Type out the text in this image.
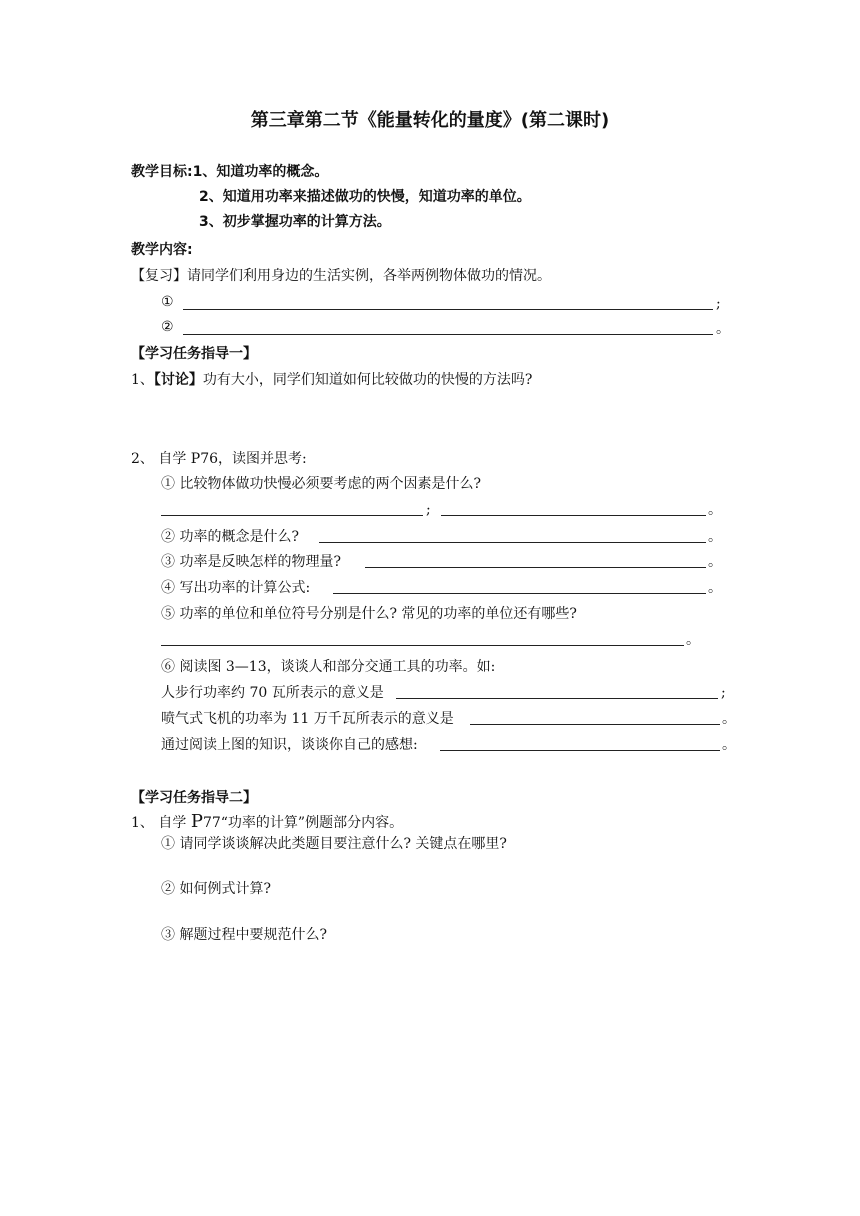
第三章第二节《能量转化的量度》(第二课时)
教学目标:1、知道功率的概念。
2、知道用功率来描述做功的快慢，知道功率的单位。
3、初步掌握功率的计算方法。
教学内容:
【复习】请同学们利用身边的生活实例，各举两例物体做功的情况。
①	;
②	。
【学习任务指导一】
1、【讨论】功有大小，同学们知道如何比较做功的快慢的方法吗?
2、 自学 P76，读图并思考:
① 比较物体做功快慢必须要考虑的两个因素是什么?
;	。
② 功率的概念是什么?	。
③ 功率是反映怎样的物理量?	。
④ 写出功率的计算公式:	。
⑤ 功率的单位和单位符号分别是什么? 常见的功率的单位还有哪些?
。
⑥ 阅读图 3—13，谈谈人和部分交通工具的功率。如:
人步行功率约 70 瓦所表示的意义是	;
喷气式飞机的功率为 11 万千瓦所表示的意义是	。
通过阅读上图的知识，谈谈你自己的感想:	。
【学习任务指导二】
1、 自学 P77“功率的计算”例题部分内容。
① 请同学谈谈解决此类题目要注意什么? 关键点在哪里?
② 如何例式计算?
③ 解题过程中要规范什么?
